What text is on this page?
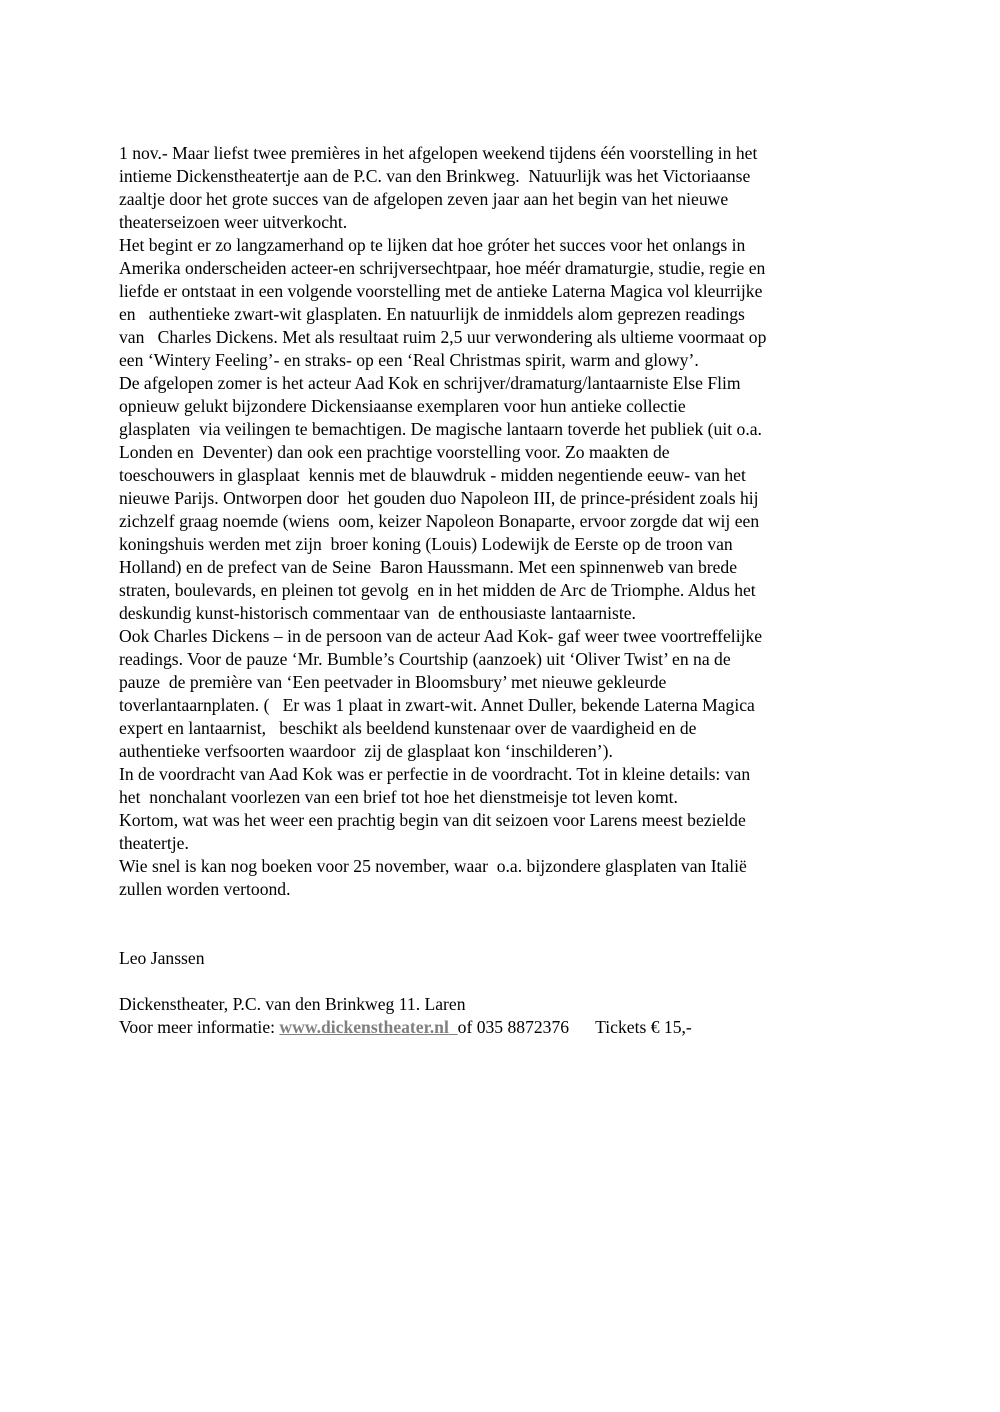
1 nov.- Maar liefst twee premières in het afgelopen weekend tijdens één voorstelling in het
intieme Dickenstheatertje aan de P.C. van den Brinkweg.  Natuurlijk was het Victoriaanse
zaaltje door het grote succes van de afgelopen zeven jaar aan het begin van het nieuwe
theaterseizoen weer uitverkocht.
Het begint er zo langzamerhand op te lijken dat hoe gróter het succes voor het onlangs in
Amerika onderscheiden acteer-en schrijversechtpaar, hoe méér dramaturgie, studie, regie en
liefde er ontstaat in een volgende voorstelling met de antieke Laterna Magica vol kleurrijke
en   authentieke zwart-wit glasplaten. En natuurlijk de inmiddels alom geprezen readings
van   Charles Dickens. Met als resultaat ruim 2,5 uur verwondering als ultieme voormaat op
een ‘Wintery Feeling’- en straks- op een ‘Real Christmas spirit, warm and glowy’.
De afgelopen zomer is het acteur Aad Kok en schrijver/dramaturg/lantaarniste Else Flim
opnieuw gelukt bijzondere Dickensiaanse exemplaren voor hun antieke collectie
glasplaten  via veilingen te bemachtigen. De magische lantaarn toverde het publiek (uit o.a.
Londen en  Deventer) dan ook een prachtige voorstelling voor. Zo maakten de
toeschouwers in glasplaat  kennis met de blauwdruk - midden negentiende eeuw- van het
nieuwe Parijs. Ontworpen door  het gouden duo Napoleon III, de prince-président zoals hij
zichzelf graag noemde (wiens  oom, keizer Napoleon Bonaparte, ervoor zorgde dat wij een
koningshuis werden met zijn  broer koning (Louis) Lodewijk de Eerste op de troon van
Holland) en de prefect van de Seine  Baron Haussmann. Met een spinnenweb van brede
straten, boulevards, en pleinen tot gevolg  en in het midden de Arc de Triomphe. Aldus het
deskundig kunst-historisch commentaar van  de enthousiaste lantaarniste.
Ook Charles Dickens – in de persoon van de acteur Aad Kok- gaf weer twee voortreffelijke
readings. Voor de pauze ‘Mr. Bumble’s Courtship (aanzoek) uit ‘Oliver Twist’ en na de
pauze  de première van ‘Een peetvader in Bloomsbury’ met nieuwe gekleurde
toverlantaarnplaten. (   Er was 1 plaat in zwart-wit. Annet Duller, bekende Laterna Magica
expert en lantaarnist,   beschikt als beeldend kunstenaar over de vaardigheid en de
authentieke verfsoorten waardoor  zij de glasplaat kon ‘inschilderen’).
In de voordracht van Aad Kok was er perfectie in de voordracht. Tot in kleine details: van
het  nonchalant voorlezen van een brief tot hoe het dienstmeisje tot leven komt.
Kortom, wat was het weer een prachtig begin van dit seizoen voor Larens meest bezielde
theatertje.
Wie snel is kan nog boeken voor 25 november, waar  o.a. bijzondere glasplaten van Italië
zullen worden vertoond.
Leo Janssen
Dickenstheater, P.C. van den Brinkweg 11. Laren
Voor meer informatie: www.dickenstheater.nl of 035 8872376 Tickets € 15,-
